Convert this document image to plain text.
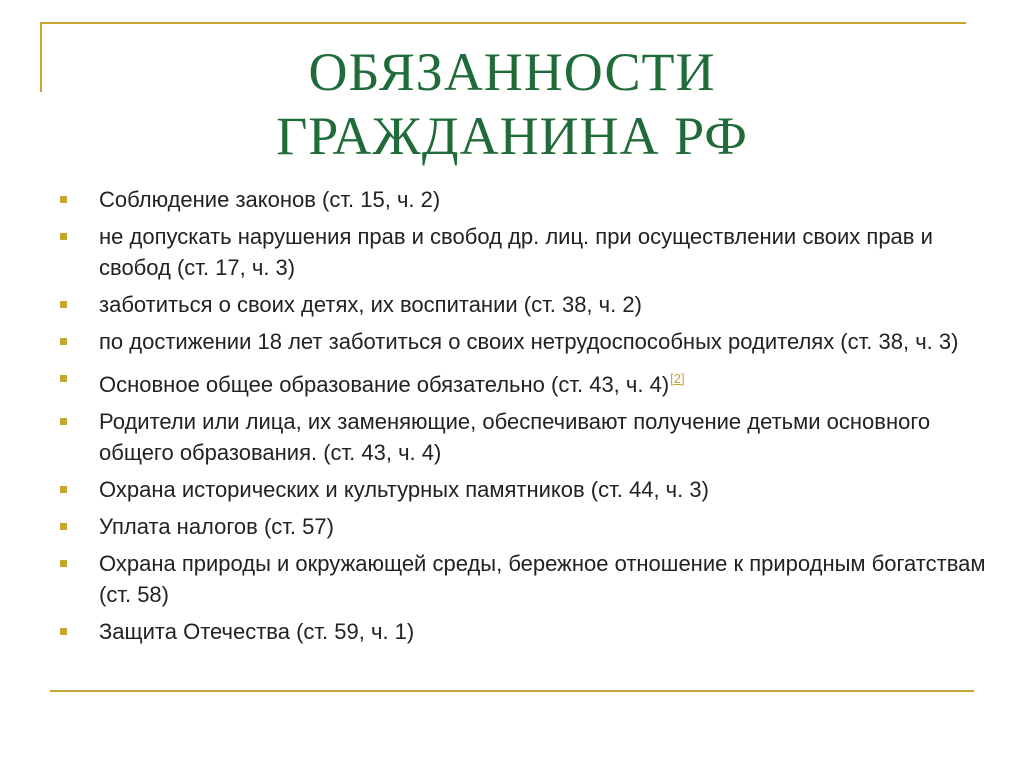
ОБЯЗАННОСТИ
ГРАЖДАНИНА РФ
Соблюдение законов (ст. 15, ч. 2)
не допускать нарушения прав и свобод др. лиц. при осуществлении своих прав и свобод (ст. 17, ч. 3)
заботиться о своих детях, их воспитании (ст. 38, ч. 2)
по достижении 18 лет заботиться о своих нетрудоспособных родителях (ст. 38, ч. 3)
Основное общее образование обязательно (ст. 43, ч. 4)[2]
Родители или лица, их заменяющие, обеспечивают получение детьми основного общего образования. (ст. 43, ч. 4)
Охрана исторических и культурных памятников (ст. 44, ч. 3)
Уплата налогов (ст. 57)
Охрана природы и окружающей среды, бережное отношение к природным богатствам (ст. 58)
Защита Отечества (ст. 59, ч. 1)
